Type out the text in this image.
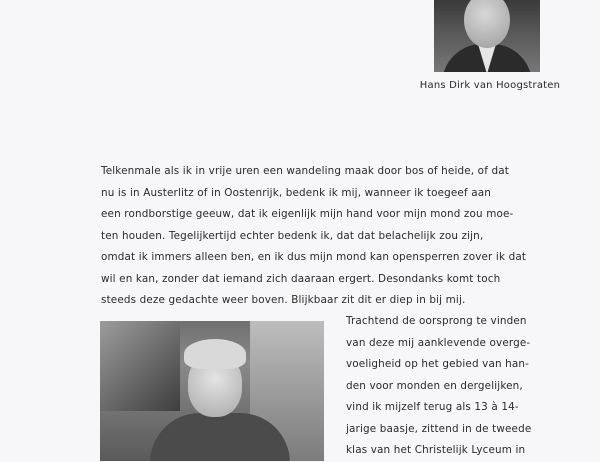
Hans Dirk van Hoogstraten
Telkenmale als ik in vrije uren een wandeling maak door bos of heide, of dat
nu is in Austerlitz of in Oostenrijk, bedenk ik mij, wanneer ik toegeef aan
een rondborstige geeuw, dat ik eigenlijk mijn hand voor mijn mond zou moe-
ten houden. Tegelijkertijd echter bedenk ik, dat dat belachelijk zou zijn,
omdat ik immers alleen ben, en ik dus mijn mond kan opensperren zover ik dat
wil en kan, zonder dat iemand zich daaraan ergert. Desondanks komt toch
steeds deze gedachte weer boven. Blijkbaar zit dit er diep in bij mij.
Trachtend de oorsprong te vinden
van deze mij aanklevende overge-
voeligheid op het gebied van han-
den voor monden en dergelijken,
vind ik mijzelf terug als 13 à 14-
jarige baasje, zittend in de tweede
klas van het Christelijk Lyceum in
